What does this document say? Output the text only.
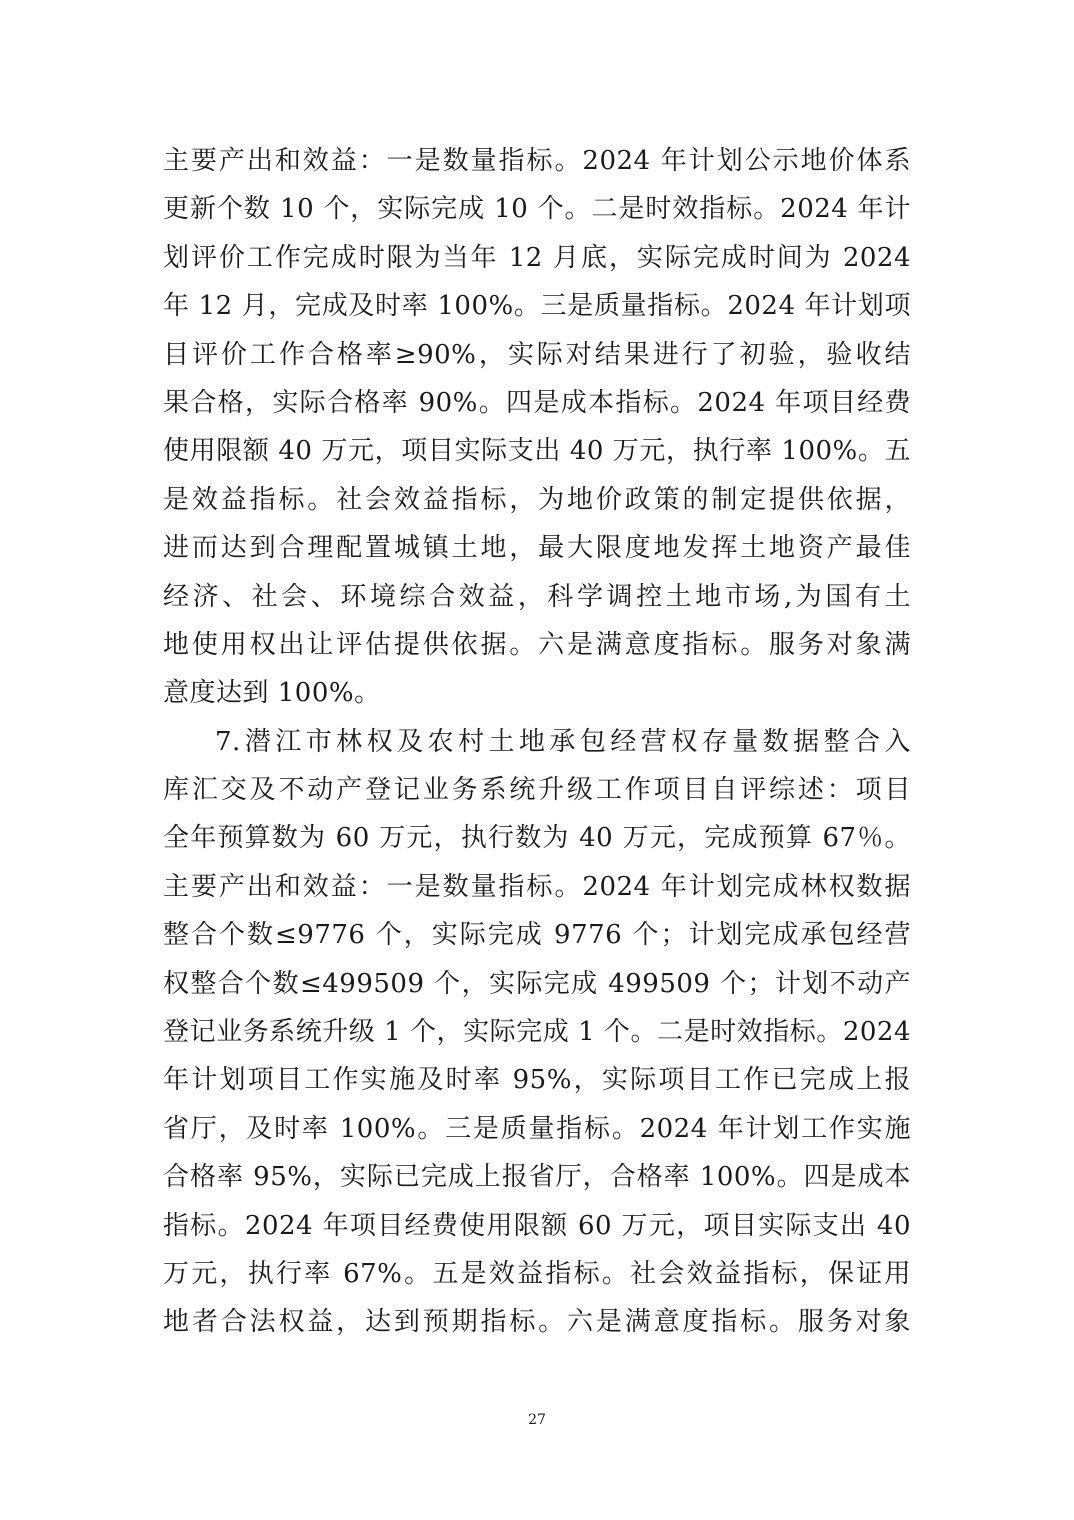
主要产出和效益：一是数量指标。2024 年计划公示地价体系
更新个数 10 个，实际完成 10 个。二是时效指标。2024 年计
划评价工作完成时限为当年 12 月底，实际完成时间为 2024
年 12 月，完成及时率 100%。三是质量指标。2024 年计划项
目评价工作合格率≥90%，实际对结果进行了初验，验收结
果合格，实际合格率 90%。四是成本指标。2024 年项目经费
使用限额 40 万元，项目实际支出 40 万元，执行率 100%。五
是效益指标。社会效益指标，为地价政策的制定提供依据，
进而达到合理配置城镇土地，最大限度地发挥土地资产最佳
经济、社会、环境综合效益，科学调控土地市场,为国有土
地使用权出让评估提供依据。六是满意度指标。服务对象满
意度达到 100%。
7.潜江市林权及农村土地承包经营权存量数据整合入
库汇交及不动产登记业务系统升级工作项目自评综述：项目
全年预算数为 60 万元，执行数为 40 万元，完成预算 67％。
主要产出和效益：一是数量指标。2024 年计划完成林权数据
整合个数≤9776 个，实际完成 9776 个；计划完成承包经营
权整合个数≤499509 个，实际完成 499509 个；计划不动产
登记业务系统升级 1 个，实际完成 1 个。二是时效指标。2024
年计划项目工作实施及时率 95%，实际项目工作已完成上报
省厅，及时率 100%。三是质量指标。2024 年计划工作实施
合格率 95%，实际已完成上报省厅，合格率 100%。四是成本
指标。2024 年项目经费使用限额 60 万元，项目实际支出 40
万元，执行率 67%。五是效益指标。社会效益指标，保证用
地者合法权益，达到预期指标。六是满意度指标。服务对象
27
